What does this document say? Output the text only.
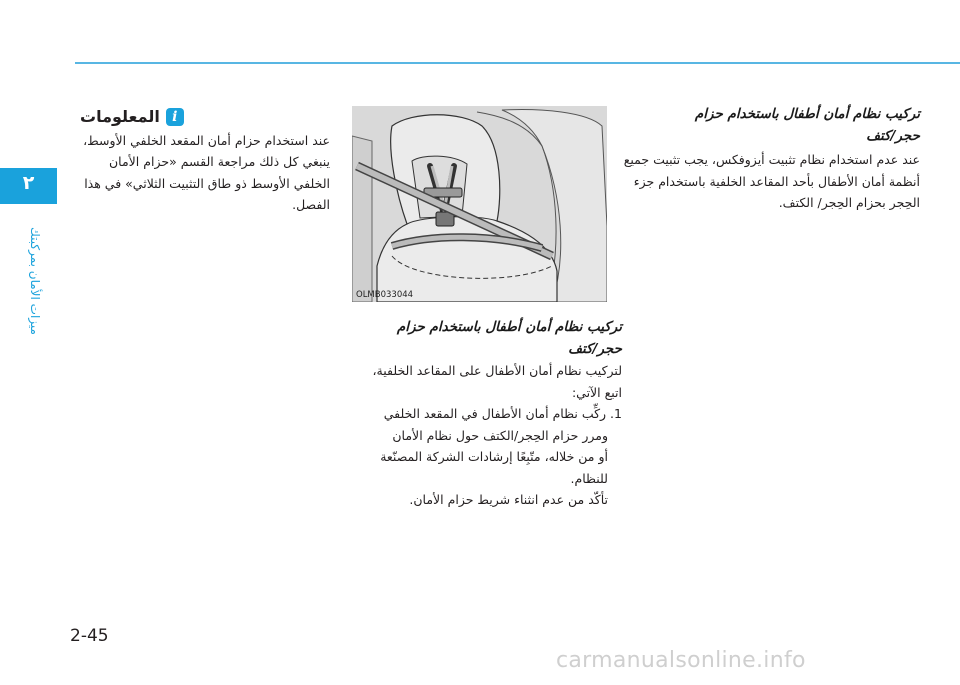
٢
ميزات الأمان بمركبتك
تركيب نظام أمان أطفال باستخدام حزام
حجر/كتف

عند عدم استخدام نظام تثبيت أيزوفكس، يجب تثبيت جميع أنظمة أمان الأطفال بأحد المقاعد الخلفية باستخدام جزء الحِجر بحزام الحِجر/ الكتف.

OLMB033044
تركيب نظام أمان أطفال باستخدام حزام
حجر/كتف
لتركيب نظام أمان الأطفال على المقاعد الخلفية،
اتبع الآتي:
1. ركِّب نظام أمان الأطفال في المقعد الخلفي
ومرر حزام الحِجر/الكتف حول نظام الأمان
أو من خلاله، متّبِعًا إرشادات الشركة المصنّعة
للنظام.
تأكّد من عدم انثناء شريط حزام الأمان.
i
المعلومات

عند استخدام حزام أمان المقعد الخلفي الأوسط، ينبغي كل ذلك مراجعة القسم «حزام الأمان الخلفي الأوسط ذو طاق التثبيت الثلاثي» في هذا الفصل.

2-45
carmanualsonline.info
